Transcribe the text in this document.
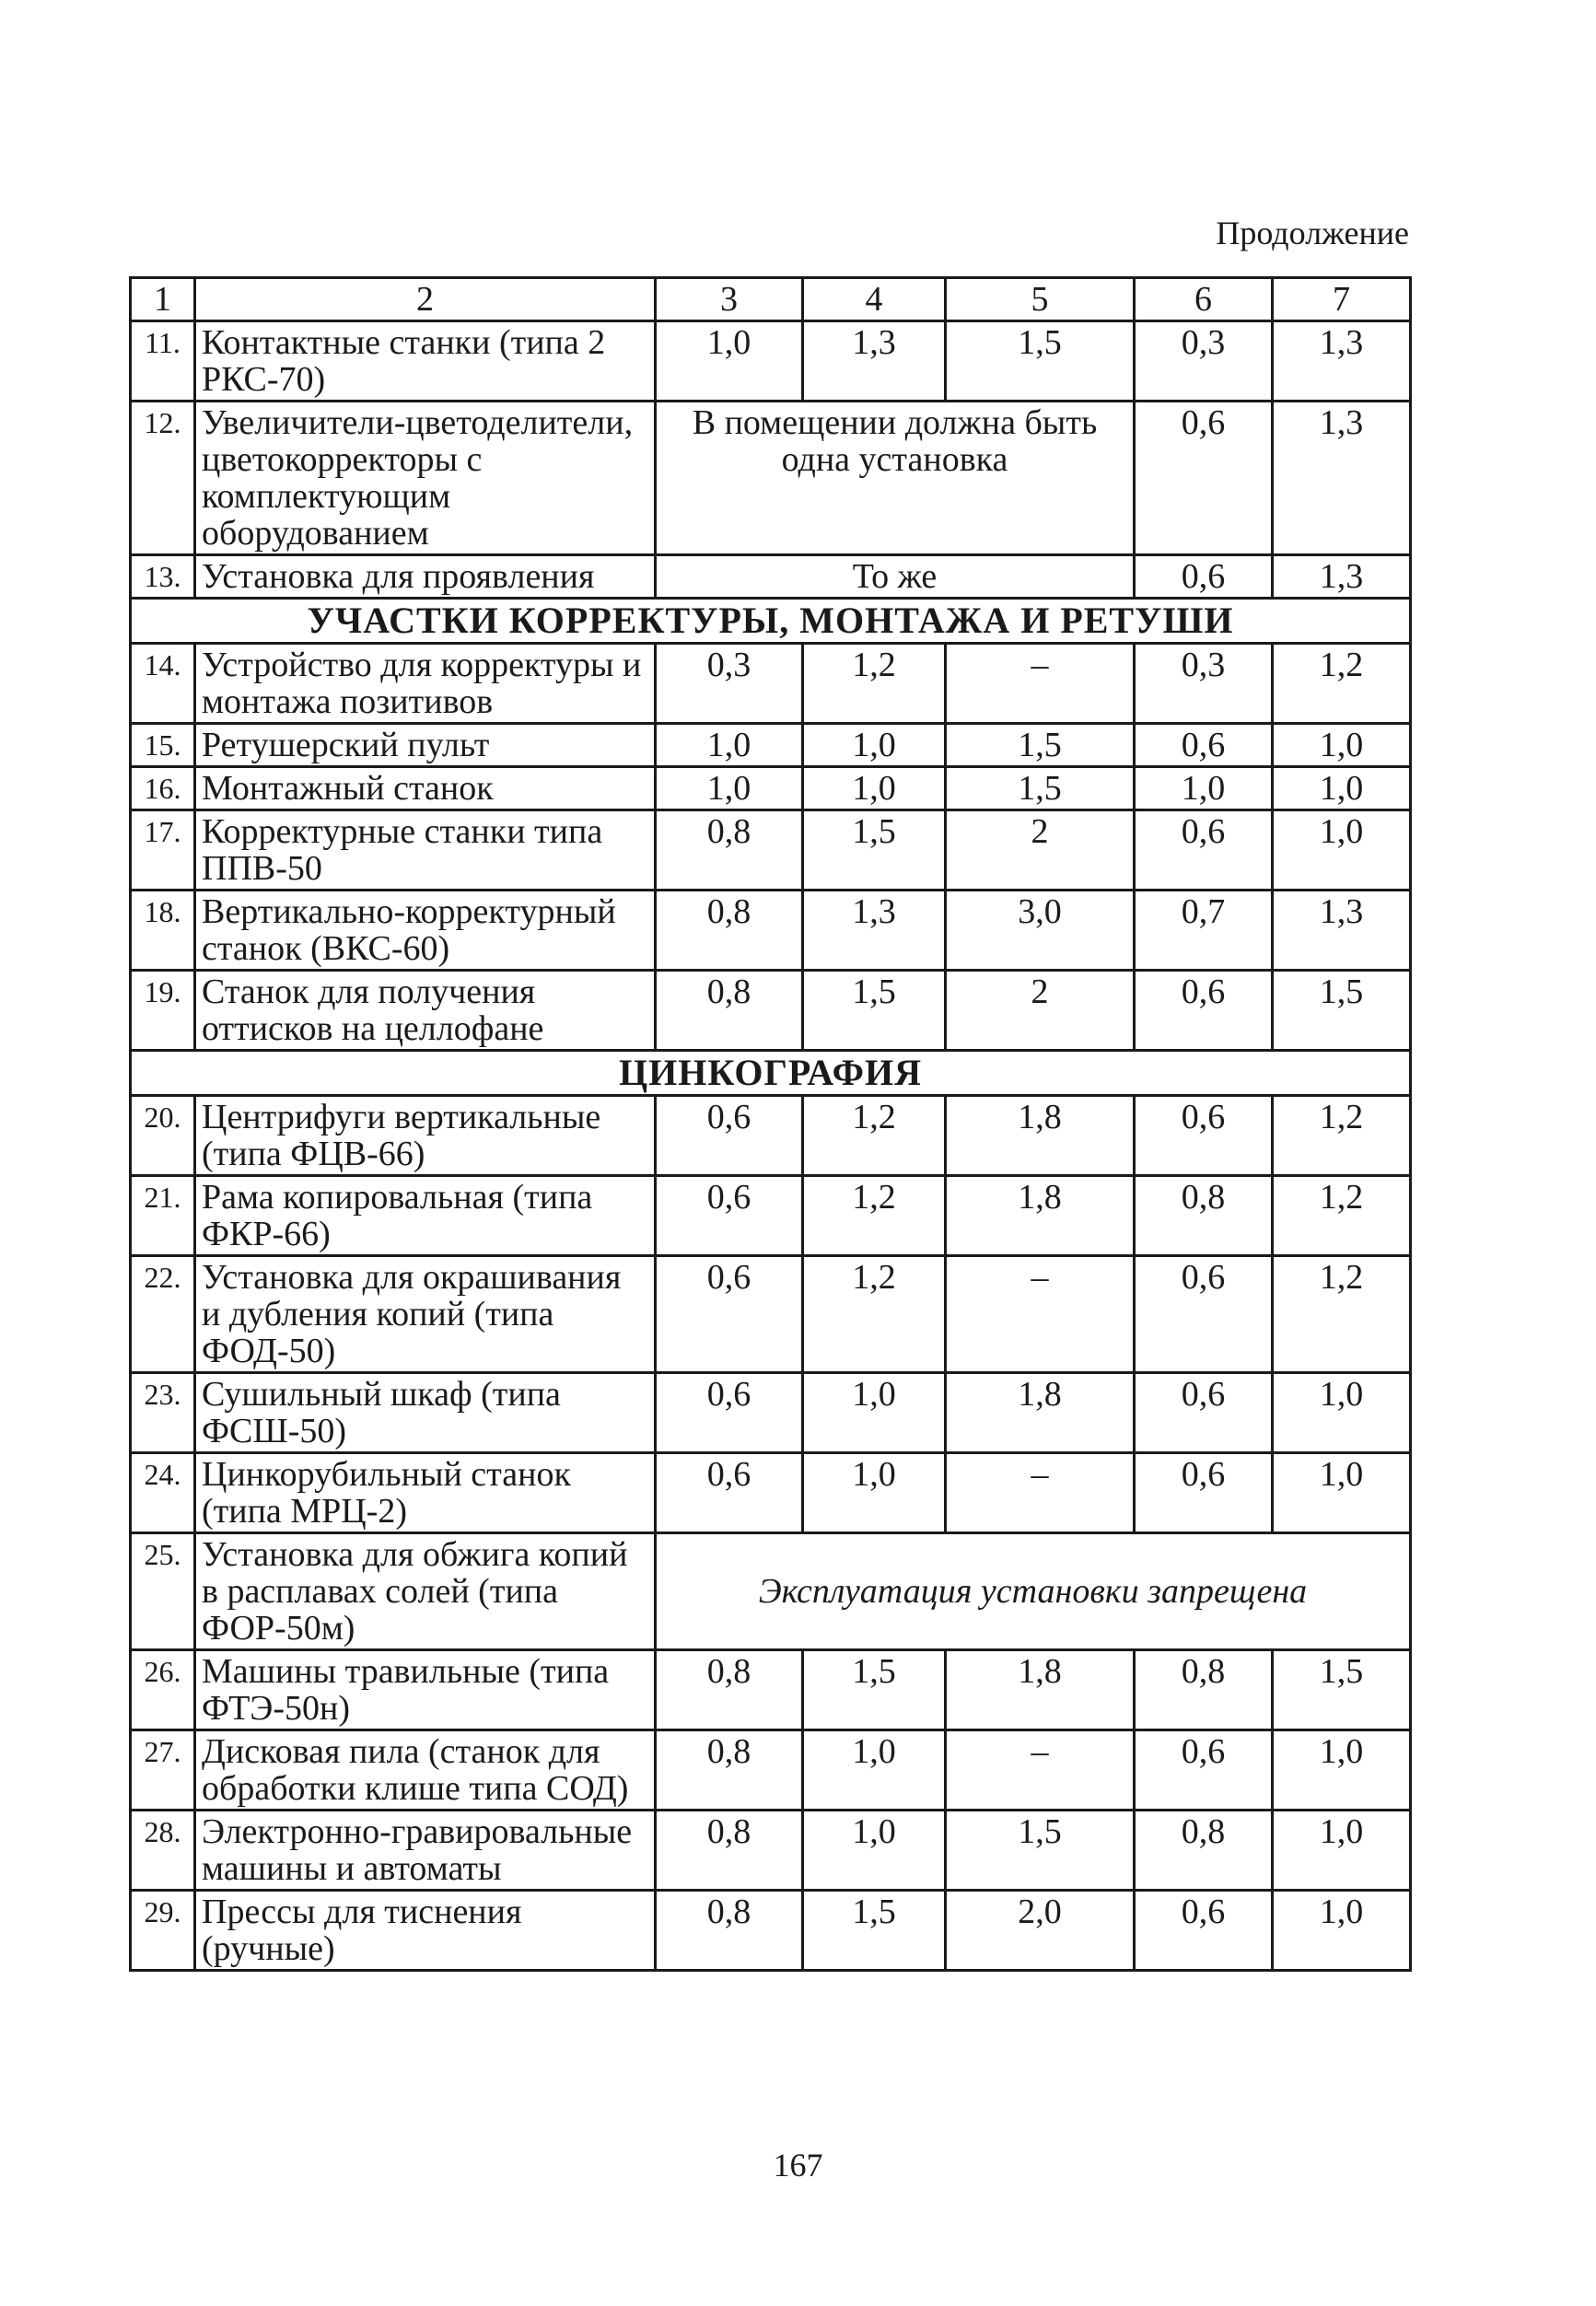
Продолжение
1	2	3	4	5	6	7
11.	Контактные станки (типа 2 РКС-70)	1,0	1,3	1,5	0,3	1,3
12.	Увеличители-цветоделители, цветокорректоры с комплектующим оборудованием	В помещении должна быть одна установка			0,6	1,3
13.	Установка для проявления	То же			0,6	1,3
УЧАСТКИ КОРРЕКТУРЫ, МОНТАЖА И РЕТУШИ						
14.	Устройство для корректуры и монтажа позитивов	0,3	1,2	–	0,3	1,2
15.	Ретушерский пульт	1,0	1,0	1,5	0,6	1,0
16.	Монтажный станок	1,0	1,0	1,5	1,0	1,0
17.	Корректурные станки типа ППВ-50	0,8	1,5	2	0,6	1,0
18.	Вертикально-корректурный станок (ВКС-60)	0,8	1,3	3,0	0,7	1,3
19.	Станок для получения оттисков на целлофане	0,8	1,5	2	0,6	1,5
ЦИНКОГРАФИЯ						
20.	Центрифуги вертикальные (типа ФЦВ-66)	0,6	1,2	1,8	0,6	1,2
21.	Рама копировальная (типа ФКР-66)	0,6	1,2	1,8	0,8	1,2
22.	Установка для окрашивания и дубления копий (типа ФОД-50)	0,6	1,2	–	0,6	1,2
23.	Сушильный шкаф (типа ФСШ-50)	0,6	1,0	1,8	0,6	1,0
24.	Цинкорубильный станок (типа МРЦ-2)	0,6	1,0	–	0,6	1,0
25.	Установка для обжига копий в расплавах солей (типа ФОР-50м)	Эксплуатация установки запрещена				
26.	Машины травильные (типа ФТЭ-50н)	0,8	1,5	1,8	0,8	1,5
27.	Дисковая пила (станок для обработки клише типа СОД)	0,8	1,0	–	0,6	1,0
28.	Электронно-гравировальные машины и автоматы	0,8	1,0	1,5	0,8	1,0
29.	Прессы для тиснения (ручные)	0,8	1,5	2,0	0,6	1,0
167
